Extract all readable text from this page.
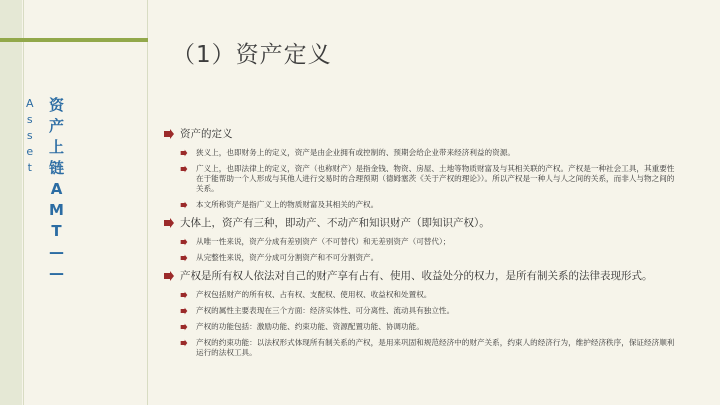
（1）资产定义
A
s
s
e
t
资
产
上
链
A
M
T
—
—
资产的定义
狭义上，也即财务上的定义，资产是由企业拥有或控制的、预期会给企业带来经济利益的资源。
广义上，也即法律上的定义，资产（也称财产）是指金钱、物资、房屋、土地等物质财富及与其相关联的产权。产权是一种社会工具，其重要性在于能帮助一个人形成与其他人进行交易时的合理预期（德姆塞茨《关于产权的理论》）。所以产权是一种人与人之间的关系，而非人与物之间的关系。
本文所称资产是指广义上的物质财富及其相关的产权。
大体上，资产有三种，即动产、不动产和知识财产（即知识产权）。
从唯一性来说，资产分成有差别资产（不可替代）和无差别资产（可替代）；
从完整性来说，资产分成可分割资产和不可分割资产。
产权是所有权人依法对自己的财产享有占有、使用、收益处分的权力，是所有制关系的法律表现形式。
产权包括财产的所有权、占有权、支配权、使用权、收益权和处置权。
产权的属性主要表现在三个方面：经济实体性、可分离性、流动具有独立性。
产权的功能包括：激励功能、约束功能、资源配置功能、协调功能。
产权的约束功能：以法权形式体现所有制关系的产权，是用来巩固和规范经济中的财产关系，约束人的经济行为，维护经济秩序，保证经济顺利运行的法权工具。
